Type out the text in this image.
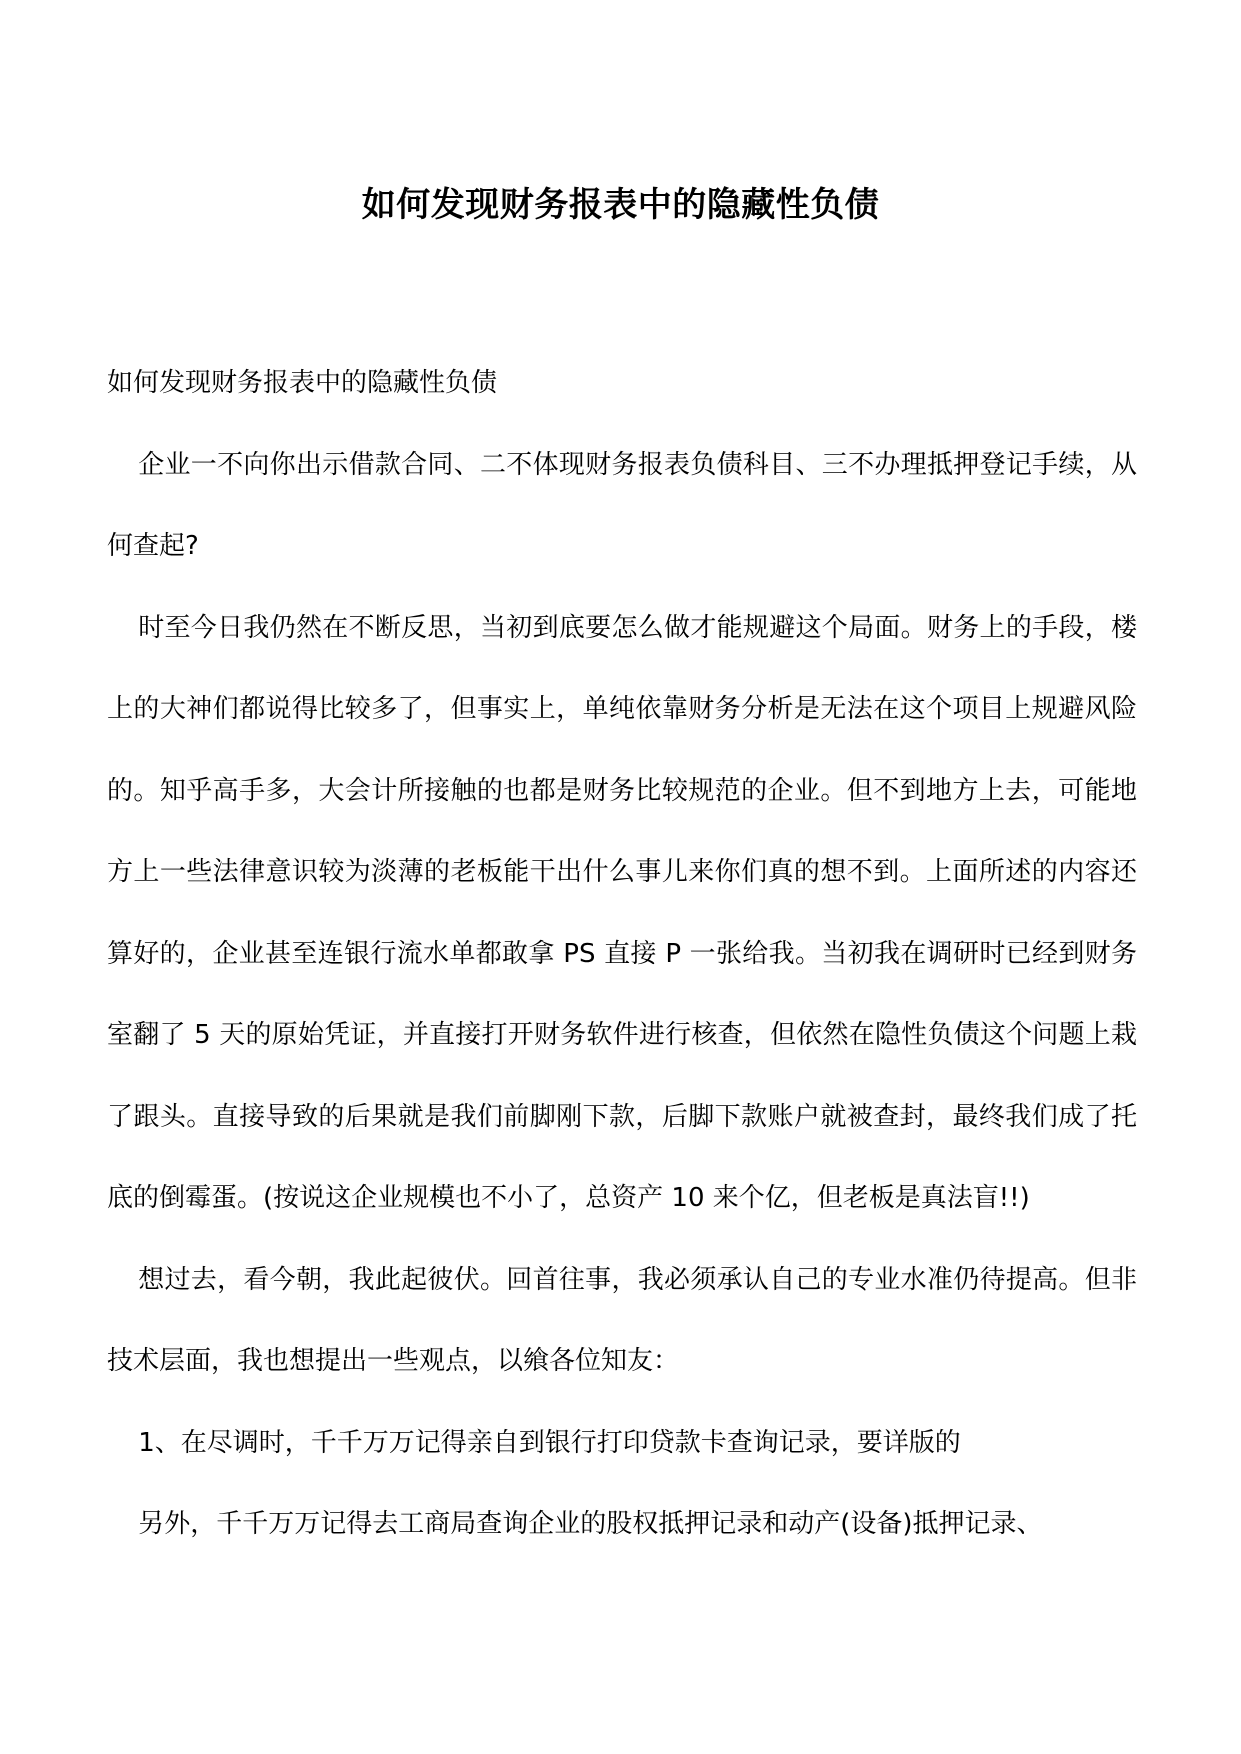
如何发现财务报表中的隐藏性负债

如何发现财务报表中的隐藏性负债

企业一不向你出示借款合同、二不体现财务报表负债科目、三不办理抵押登记手续，从何查起?

时至今日我仍然在不断反思，当初到底要怎么做才能规避这个局面。财务上的手段，楼上的大神们都说得比较多了，但事实上，单纯依靠财务分析是无法在这个项目上规避风险的。知乎高手多，大会计所接触的也都是财务比较规范的企业。但不到地方上去，可能地方上一些法律意识较为淡薄的老板能干出什么事儿来你们真的想不到。上面所述的内容还算好的，企业甚至连银行流水单都敢拿 PS 直接 P 一张给我。当初我在调研时已经到财务室翻了 5 天的原始凭证，并直接打开财务软件进行核查，但依然在隐性负债这个问题上栽了跟头。直接导致的后果就是我们前脚刚下款，后脚下款账户就被查封，最终我们成了托底的倒霉蛋。(按说这企业规模也不小了，总资产 10 来个亿，但老板是真法盲!!)

想过去，看今朝，我此起彼伏。回首往事，我必须承认自己的专业水准仍待提高。但非技术层面，我也想提出一些观点，以飨各位知友：

1、在尽调时，千千万万记得亲自到银行打印贷款卡查询记录，要详版的

另外，千千万万记得去工商局查询企业的股权抵押记录和动产(设备)抵押记录、
